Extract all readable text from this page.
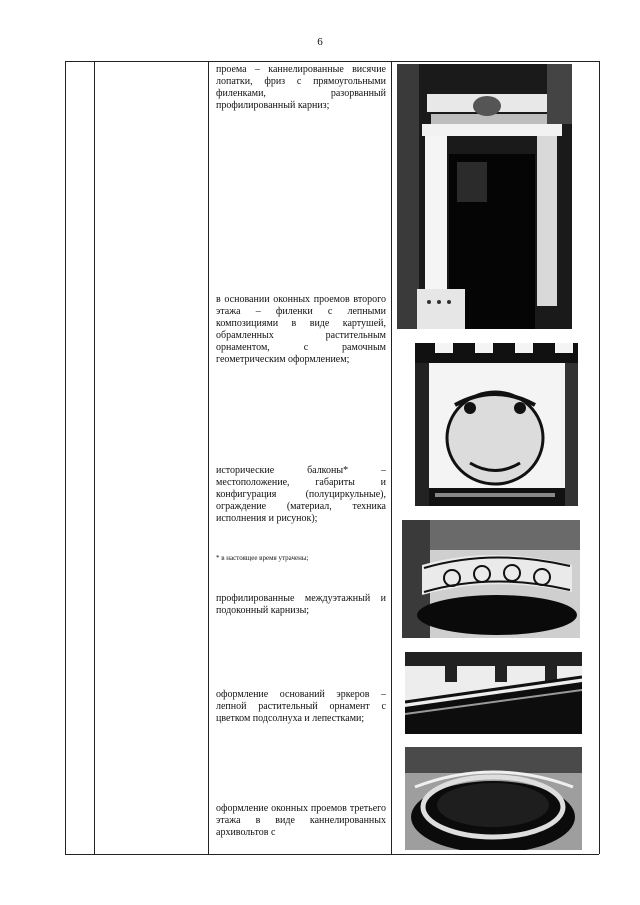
6
проема – каннелированные висячие лопатки, фриз с прямоугольными филенками, разорванный профилированный карниз;
в основании оконных проемов второго этажа – филенки с лепными композициями в виде картушей, обрамленных растительным орнаментом, с рамочным геометрическим оформлением;
исторические балконы* – местоположение, габариты и конфигурация (полуциркульные), ограждение (материал, техника исполнения и рисунок);
* в настоящее время утрачены;
профилированные междуэтажный и подоконный карнизы;
оформление оснований эркеров – лепной растительный орнамент с цветком подсолнуха и лепестками;
оформление оконных проемов третьего этажа в виде каннелированных архивольтов с
